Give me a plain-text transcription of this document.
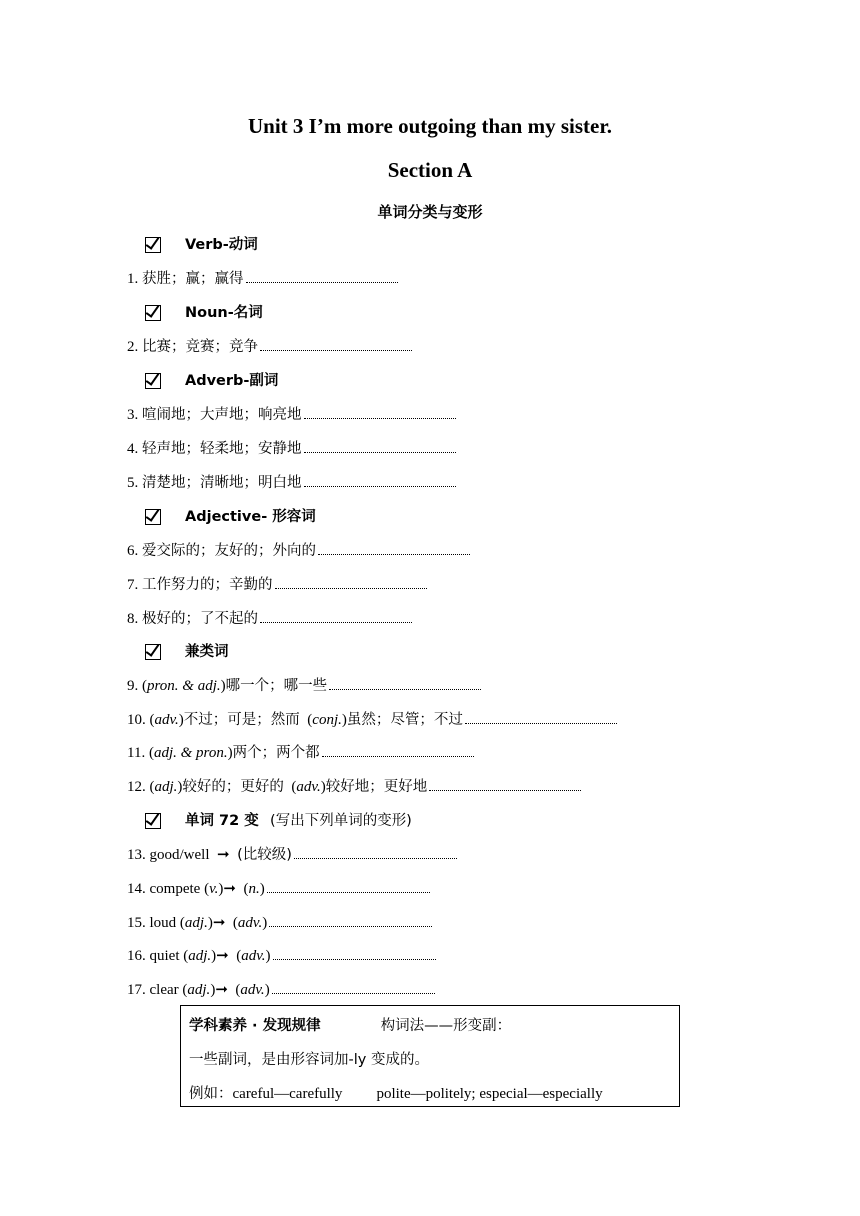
Unit 3 I’m more outgoing than my sister.
Section A
单词分类与变形
Verb-动词
1. 获胜；赢；赢得
Noun-名词
2. 比赛；竞赛；竞争
Adverb-副词
3. 喧闹地；大声地；响亮地
4. 轻声地；轻柔地；安静地
5. 清楚地；清晰地；明白地
Adjective- 形容词
6. 爱交际的；友好的；外向的
7. 工作努力的；辛勤的
8. 极好的；了不起的
兼类词
9. (pron. & adj.)哪一个；哪一些
10. (adv.)不过；可是；然而  (conj.)虽然；尽管；不过
11. (adj. & pron.)两个；两个都
12. (adj.)较好的；更好的  (adv.)较好地；更好地
单词 72 变 (写出下列单词的变形)
13. good/well ➞ (比较级)
14. compete (v.)➞  (n.)
15. loud (adj.)➞  (adv.)
16. quiet (adj.)➞  (adv.)
17. clear (adj.)➞  (adv.)
学科素养 · 发现规律	构词法——形变副：
一些副词，是由形容词加-ly 变成的。
例如：careful—carefully polite—politely; especial—especially
